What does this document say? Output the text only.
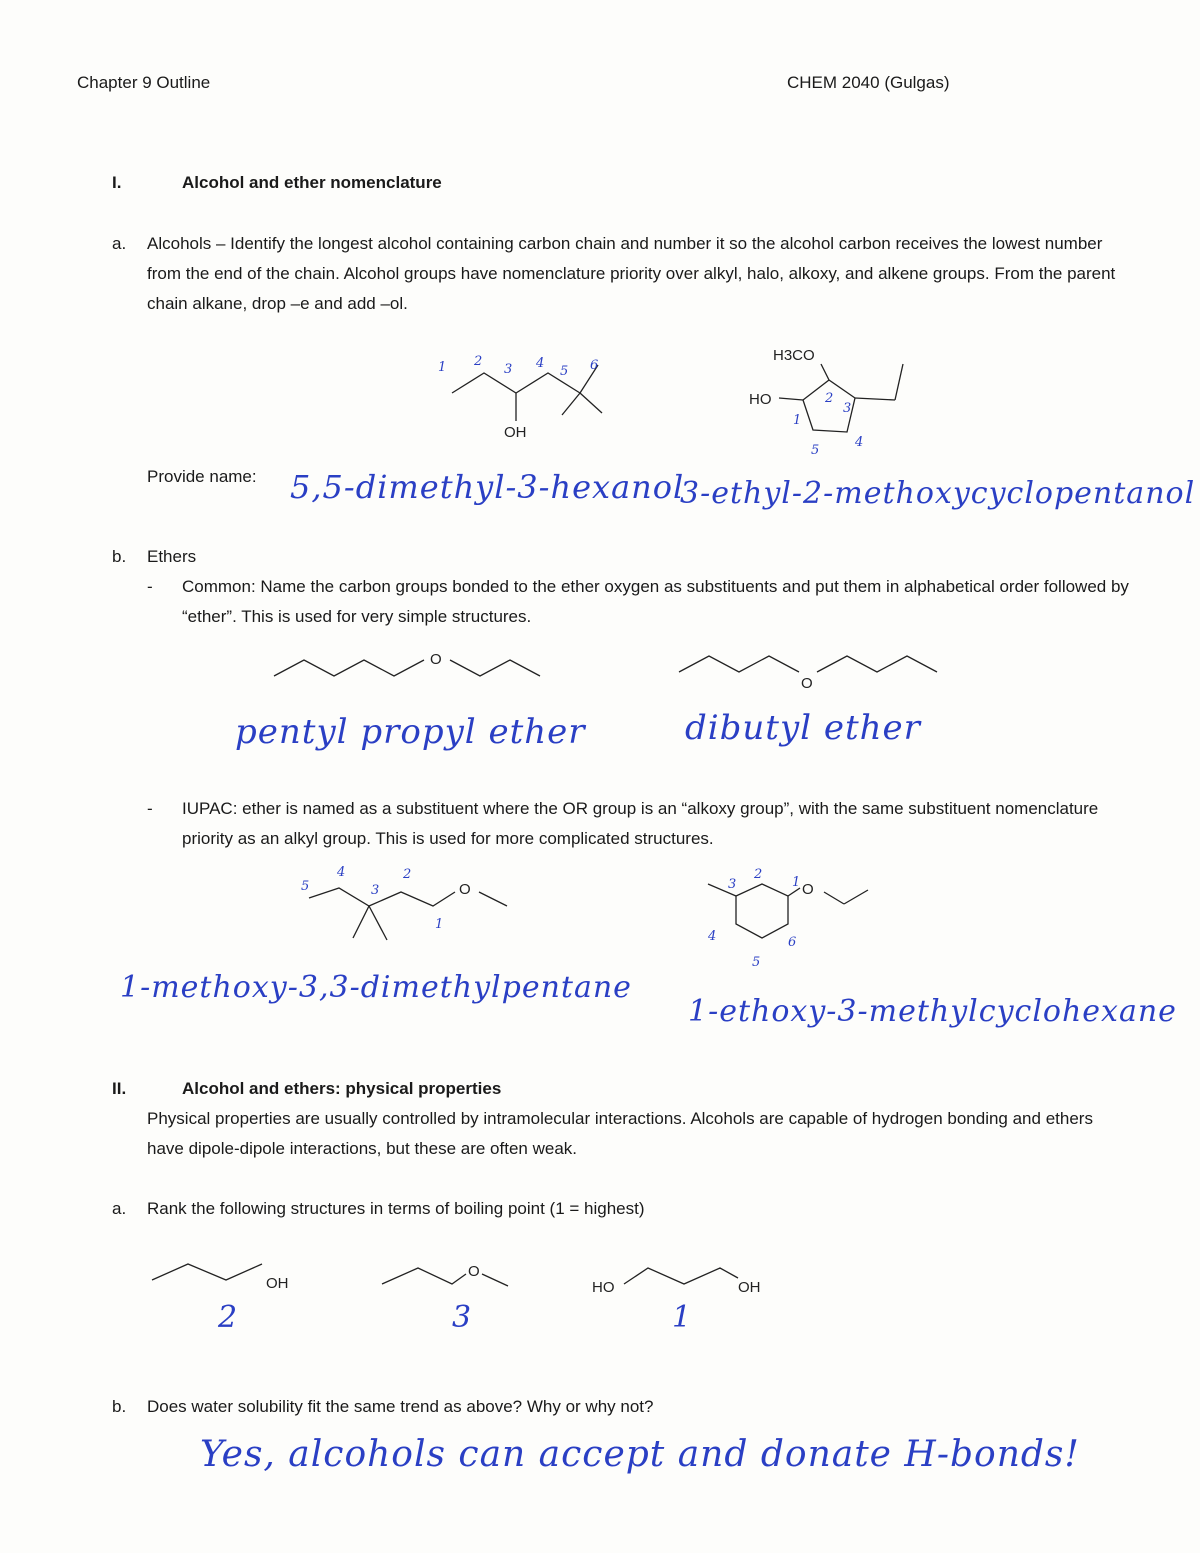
Chapter 9 Outline	CHEM 2040 (Gulgas)
I.	Alcohol and ether nomenclature
a. Alcohols – Identify the longest alcohol containing carbon chain and number it so the alcohol carbon receives the lowest number from the end of the chain. Alcohol groups have nomenclature priority over alkyl, halo, alkoxy, and alkene groups. From the parent chain alkane, drop –e and add –ol.
OH
1 2
3 4
5 6
H3CO
HO
1
2
3
4
5
Provide name: 5,5-dimethyl-3-hexanol
3-ethyl-2-methoxycyclopentanol
b. Ethers
- Common: Name the carbon groups bonded to the ether oxygen as substituents and put them in alphabetical order followed by “ether”. This is used for very simple structures.
O
O
pentyl propyl ether	dibutyl ether
- IUPAC: ether is named as a substituent where the OR group is an “alkoxy group”, with the same substituent nomenclature priority as an alkyl group. This is used for more complicated structures.
O
1
2
3
4
5	O
1
2
3
4
5
6
1-methoxy-3,3-dimethylpentane
1-ethoxy-3-methylcyclohexane
II.	Alcohol and ethers: physical properties
Physical properties are usually controlled by intramolecular interactions. Alcohols are capable of hydrogen bonding and ethers have dipole-dipole interactions, but these are often weak.
a. Rank the following structures in terms of boiling point (1 = highest)
OH
O
HO	OH
2	3	1
b. Does water solubility fit the same trend as above? Why or why not?
Yes, alcohols can accept and donate H-bonds!
